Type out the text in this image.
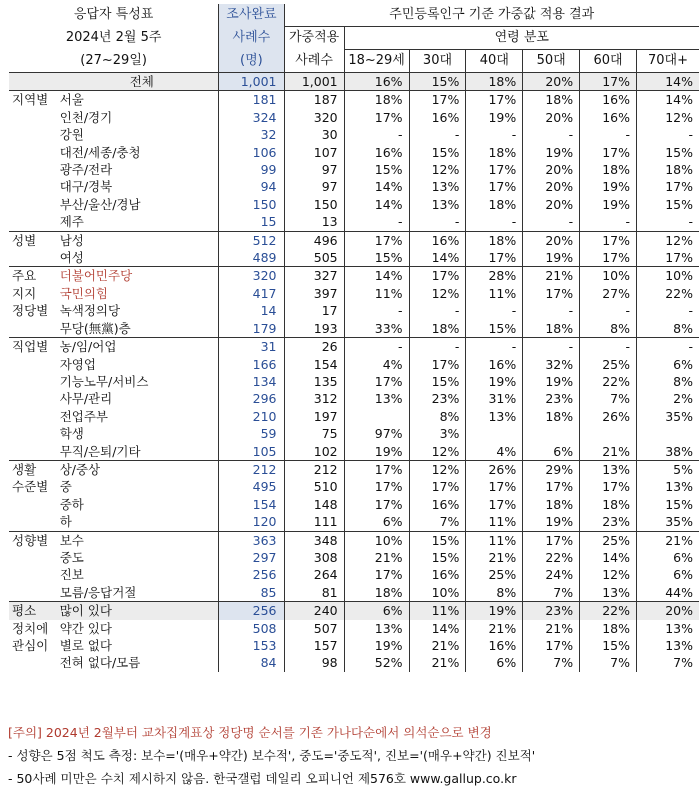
응답자 특성표		조사완료	주민등록인구 기준 가중값 적용 결과						
2024년 2월 5주		사례수	가중적용	연령 분포					
(27~29일)		(명)	사례수	18~29세	30대	40대	50대	60대	70대+
	전체	1,001	1,001	16%	15%	18%	20%	17%	14%
지역별	서울	181	187	18%	17%	17%	18%	16%	14%
	인천/경기	324	320	17%	16%	19%	20%	16%	12%
	강원	32	30	-	-	-	-	-	-
	대전/세종/충청	106	107	16%	15%	18%	19%	17%	15%
	광주/전라	99	97	15%	12%	17%	20%	18%	18%
	대구/경북	94	97	14%	13%	17%	20%	19%	17%
	부산/울산/경남	150	150	14%	13%	18%	20%	19%	15%
	제주	15	13	-	-	-	-	-	-
성별	남성	512	496	17%	16%	18%	20%	17%	12%
	여성	489	505	15%	14%	17%	19%	17%	17%
주요	더불어민주당	320	327	14%	17%	28%	21%	10%	10%
지지	국민의힘	417	397	11%	12%	11%	17%	27%	22%
정당별	녹색정의당	14	17	-	-	-	-	-	-
	무당(無黨)층	179	193	33%	18%	15%	18%	8%	8%
직업별	농/임/어업	31	26	-	-	-	-	-	-
	자영업	166	154	4%	17%	16%	32%	25%	6%
	기능노무/서비스	134	135	17%	15%	19%	19%	22%	8%
	사무/관리	296	312	13%	23%	31%	23%	7%	2%
	전업주부	210	197		8%	13%	18%	26%	35%
	학생	59	75	97%	3%				
	무직/은퇴/기타	105	102	19%	12%	4%	6%	21%	38%
생활	상/중상	212	212	17%	12%	26%	29%	13%	5%
수준별	중	495	510	17%	17%	17%	17%	17%	13%
	중하	154	148	17%	16%	17%	18%	18%	15%
	하	120	111	6%	7%	11%	19%	23%	35%
성향별	보수	363	348	10%	15%	11%	17%	25%	21%
	중도	297	308	21%	15%	21%	22%	14%	6%
	진보	256	264	17%	16%	25%	24%	12%	6%
	모름/응답거절	85	81	18%	10%	8%	7%	13%	44%
평소	많이 있다	256	240	6%	11%	19%	23%	22%	20%
정치에	약간 있다	508	507	13%	14%	21%	21%	18%	13%
관심이	별로 없다	153	157	19%	21%	16%	17%	15%	13%
	전혀 없다/모름	84	98	52%	21%	6%	7%	7%	7%
[주의] 2024년 2월부터 교차집계표상 정당명 순서를 기존 가나다순에서 의석순으로 변경
- 성향은 5점 척도 측정: 보수='(매우+약간) 보수적', 중도='중도적', 진보='(매우+약간) 진보적'
- 50사례 미만은 수치 제시하지 않음. 한국갤럽 데일리 오피니언 제576호 www.gallup.co.kr
